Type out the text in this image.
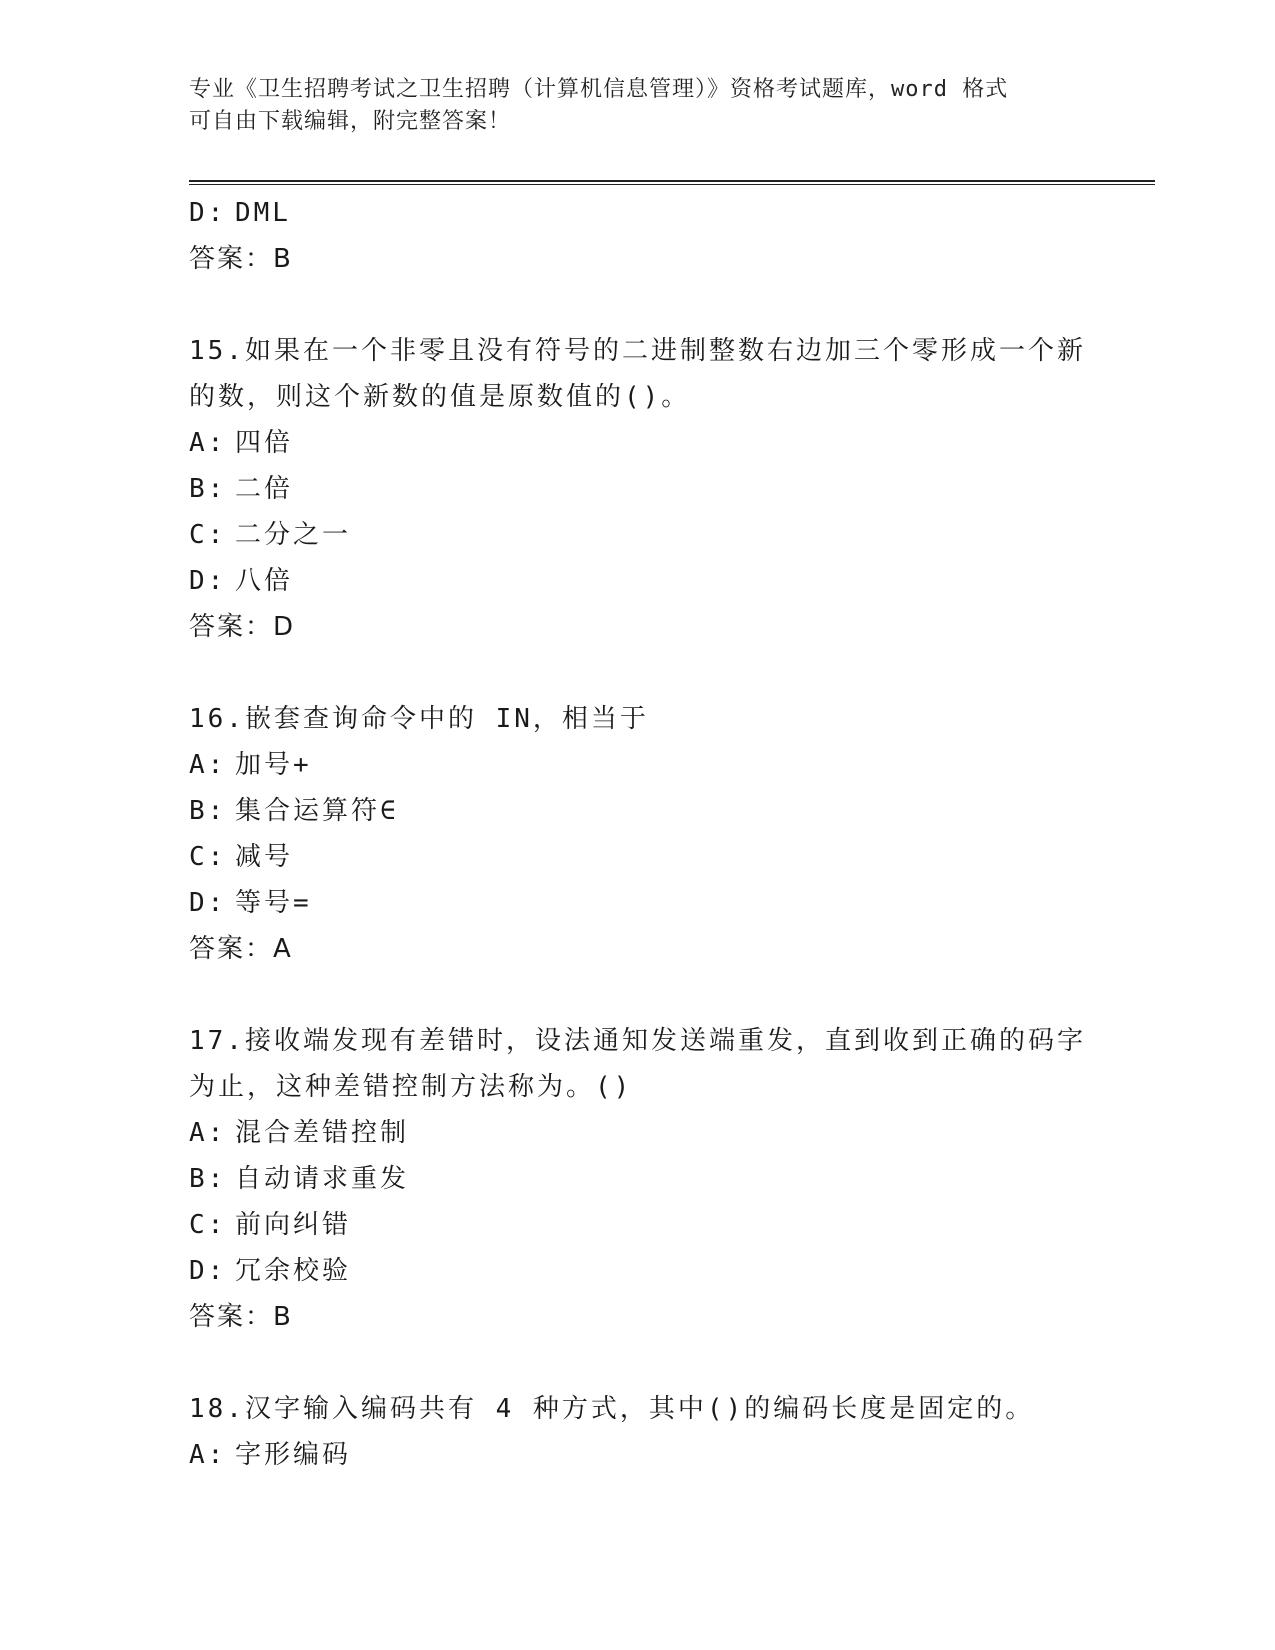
专业《卫生招聘考试之卫生招聘（计算机信息管理）》资格考试题库，word 格式
可自由下载编辑，附完整答案！
D: DML
答案：B
15.如果在一个非零且没有符号的二进制整数右边加三个零形成一个新
的数，则这个新数的值是原数值的()。
A: 四倍
B: 二倍
C: 二分之一
D: 八倍
答案：D
16.嵌套查询命令中的 IN，相当于
A: 加号+
B: 集合运算符∈
C: 减号
D: 等号=
答案：A
17.接收端发现有差错时，设法通知发送端重发，直到收到正确的码字
为止，这种差错控制方法称为。()
A: 混合差错控制
B: 自动请求重发
C: 前向纠错
D: 冗余校验
答案：B
18.汉字输入编码共有 4 种方式，其中()的编码长度是固定的。
A: 字形编码
